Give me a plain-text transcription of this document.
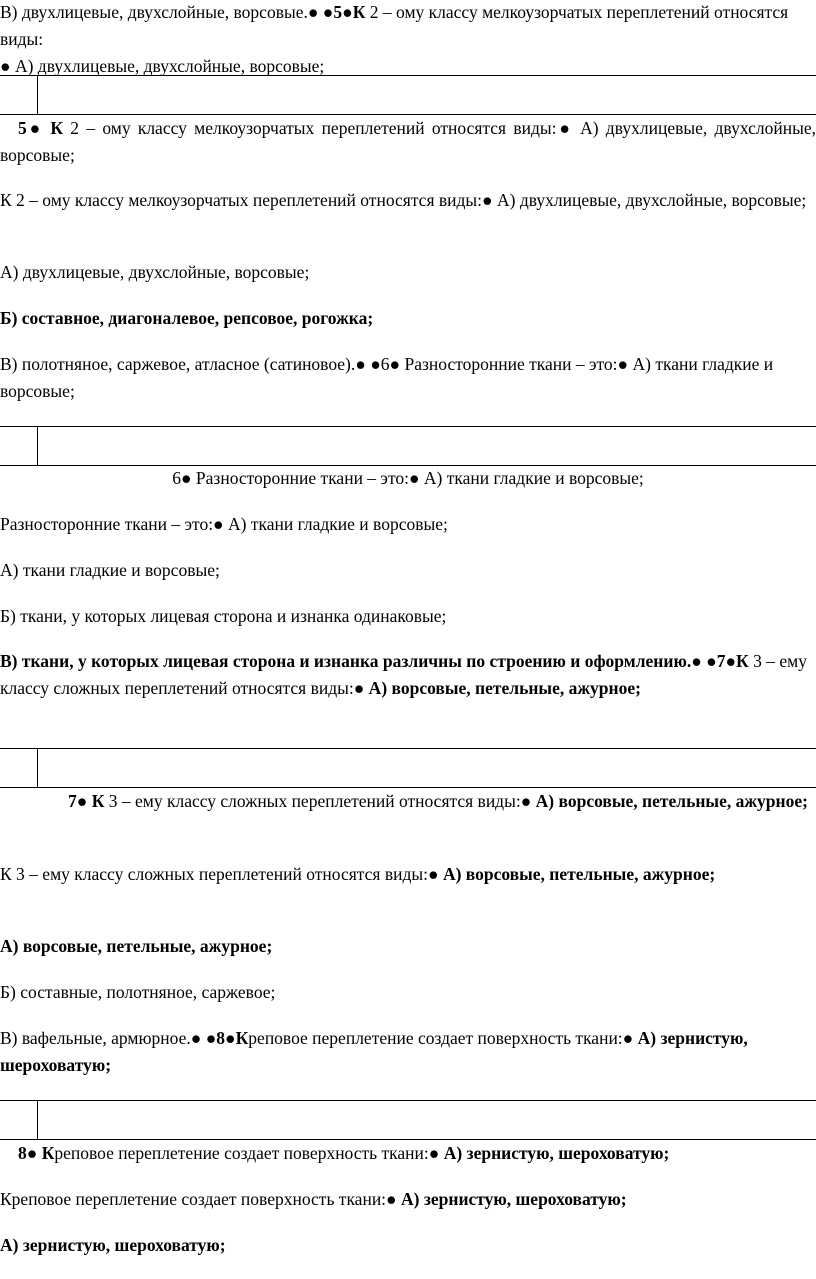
В) двухлицевые, двухслойные, ворсовые.● ●5●К 2 – ому классу мелкоузорчатых переплетений относятся виды:
● А) двухлицевые, двухслойные, ворсовые;

5● К 2 – ому классу мелкоузорчатых переплетений относятся виды:● А) двухлицевые, двухслойные, ворсовые;

К 2 – ому классу мелкоузорчатых переплетений относятся виды:● А) двухлицевые, двухслойные, ворсовые;

А) двухлицевые, двухслойные, ворсовые;

Б) составное, диагоналевое, репсовое, рогожка;

В) полотняное, саржевое, атласное (сатиновое).● ●6● Разносторонние ткани – это:● А) ткани гладкие и ворсовые;

6● Разносторонние ткани – это:● А) ткани гладкие и ворсовые;

Разносторонние ткани – это:● А) ткани гладкие и ворсовые;

А) ткани гладкие и ворсовые;

Б) ткани, у которых лицевая сторона и изнанка одинаковые;

В) ткани, у которых лицевая сторона и изнанка различны по строению и оформлению.● ●7●К 3 – ему классу сложных переплетений относятся виды:● А) ворсовые, петельные, ажурное;

7● К 3 – ему классу сложных переплетений относятся виды:● А) ворсовые, петельные, ажурное;

К 3 – ему классу сложных переплетений относятся виды:● А) ворсовые, петельные, ажурное;

А) ворсовые, петельные, ажурное;

Б) составные, полотняное, саржевое;

В) вафельные, армюрное.● ●8●Креповое переплетение создает поверхность ткани:● А) зернистую, шероховатую;

8● Креповое переплетение создает поверхность ткани:● А) зернистую, шероховатую;

Креповое переплетение создает поверхность ткани:● А) зернистую, шероховатую;

А) зернистую, шероховатую;
